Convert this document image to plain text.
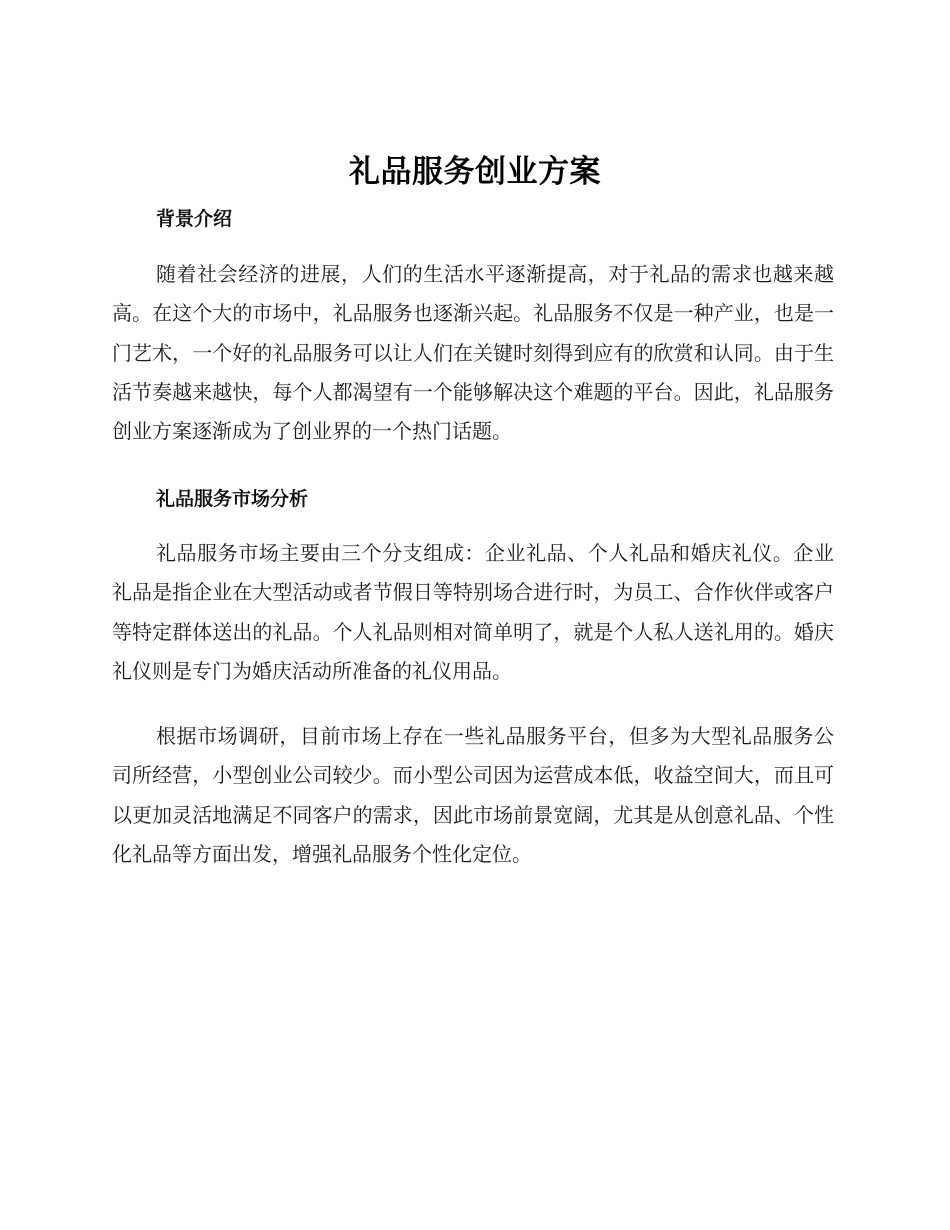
礼品服务创业方案
背景介绍
随着社会经济的进展，人们的生活水平逐渐提高，对于礼品的需求也越来越高。在这个大的市场中，礼品服务也逐渐兴起。礼品服务不仅是一种产业，也是一门艺术，一个好的礼品服务可以让人们在关键时刻得到应有的欣赏和认同。由于生活节奏越来越快，每个人都渴望有一个能够解决这个难题的平台。因此，礼品服务创业方案逐渐成为了创业界的一个热门话题。
礼品服务市场分析
礼品服务市场主要由三个分支组成：企业礼品、个人礼品和婚庆礼仪。企业礼品是指企业在大型活动或者节假日等特别场合进行时，为员工、合作伙伴或客户等特定群体送出的礼品。个人礼品则相对简单明了，就是个人私人送礼用的。婚庆礼仪则是专门为婚庆活动所准备的礼仪用品。
根据市场调研，目前市场上存在一些礼品服务平台，但多为大型礼品服务公司所经营，小型创业公司较少。而小型公司因为运营成本低，收益空间大，而且可以更加灵活地满足不同客户的需求，因此市场前景宽阔，尤其是从创意礼品、个性化礼品等方面出发，增强礼品服务个性化定位。
